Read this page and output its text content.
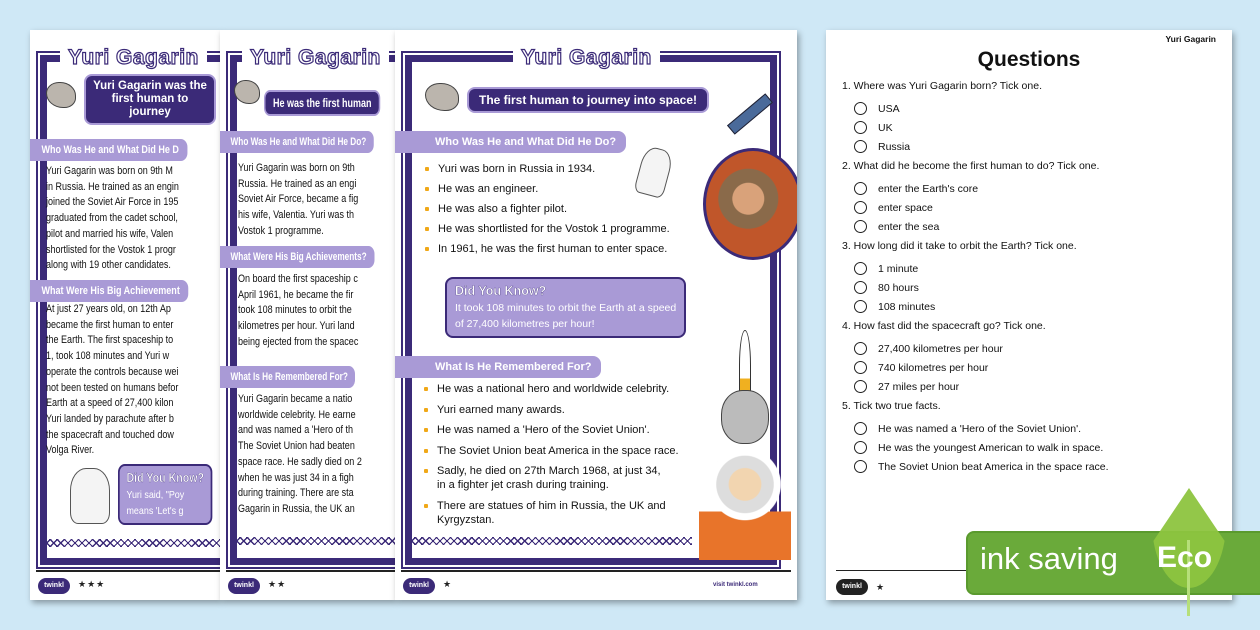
Yuri Gagarin
Yuri Gagarin was the first human to
journey
Who Was He and What Did He D
Yuri Gagarin was born on 9th M
in Russia. He trained as an engin
joined the Soviet Air Force in 195
graduated from the cadet school,
pilot and married his wife, Valen
shortlisted for the Vostok 1 progr
along with 19 other candidates.
What Were His Big Achievement
At just 27 years old, on 12th Ap
became the first human to enter
the Earth. The first spaceship to
1, took 108 minutes and Yuri w
operate the controls because wei
not been tested on humans befor
Earth at a speed of 27,400 kilon
Yuri landed by parachute after b
the spacecraft and touched dow
Volga River.
Did You Know?
Yuri said, "Poy
means 'Let's g
twinkl	★★★
Yuri Gagarin
He was the first human
Who Was He and What Did He Do?
Yuri Gagarin was born on 9th
Russia. He trained as an engi
Soviet Air Force, became a fig
his wife, Valentia. Yuri was th
Vostok 1 programme.
What Were His Big Achievements?
On board the first spaceship c
April 1961, he became the fir
took 108 minutes to orbit the
kilometres per hour. Yuri land
being ejected from the spacec
What Is He Remembered For?
Yuri Gagarin became a natio
worldwide celebrity. He earne
and was named a 'Hero of th
The Soviet Union had beaten
space race. He sadly died on 2
when he was just 34 in a figh
during training. There are sta
Gagarin in Russia, the UK an
twinkl	★★
Yuri Gagarin
The first human to journey into space!
Who Was He and What Did He Do?
Yuri was born in Russia in 1934.
He was an engineer.
He was also a fighter pilot.
He was shortlisted for the Vostok 1 programme.
In 1961, he was the first human to enter space.
Did You Know?
It took 108 minutes to orbit the Earth at a speed
of 27,400 kilometres per hour!
What Is He Remembered For?
He was a national hero and worldwide celebrity.
Yuri earned many awards.
He was named a 'Hero of the Soviet Union'.
The Soviet Union beat America in the space race.
Sadly, he died on 27th March 1968, at just 34,
in a fighter jet crash during training.
There are statues of him in Russia, the UK and
Kyrgyzstan.
twinkl	★	visit twinkl.com
Yuri Gagarin
Questions
1. Where was Yuri Gagarin born? Tick one.
USA
UK
Russia
2. What did he become the first human to do? Tick one.
enter the Earth's core
enter space
enter the sea
3. How long did it take to orbit the Earth? Tick one.
1 minute
80 hours
108 minutes
4. How fast did the spacecraft go? Tick one.
27,400 kilometres per hour
740 kilometres per hour
27 miles per hour
5. Tick two true facts.
He was named a 'Hero of the Soviet Union'.
He was the youngest American to walk in space.
The Soviet Union beat America in the space race.
twinkl	★
ink saving Eco
